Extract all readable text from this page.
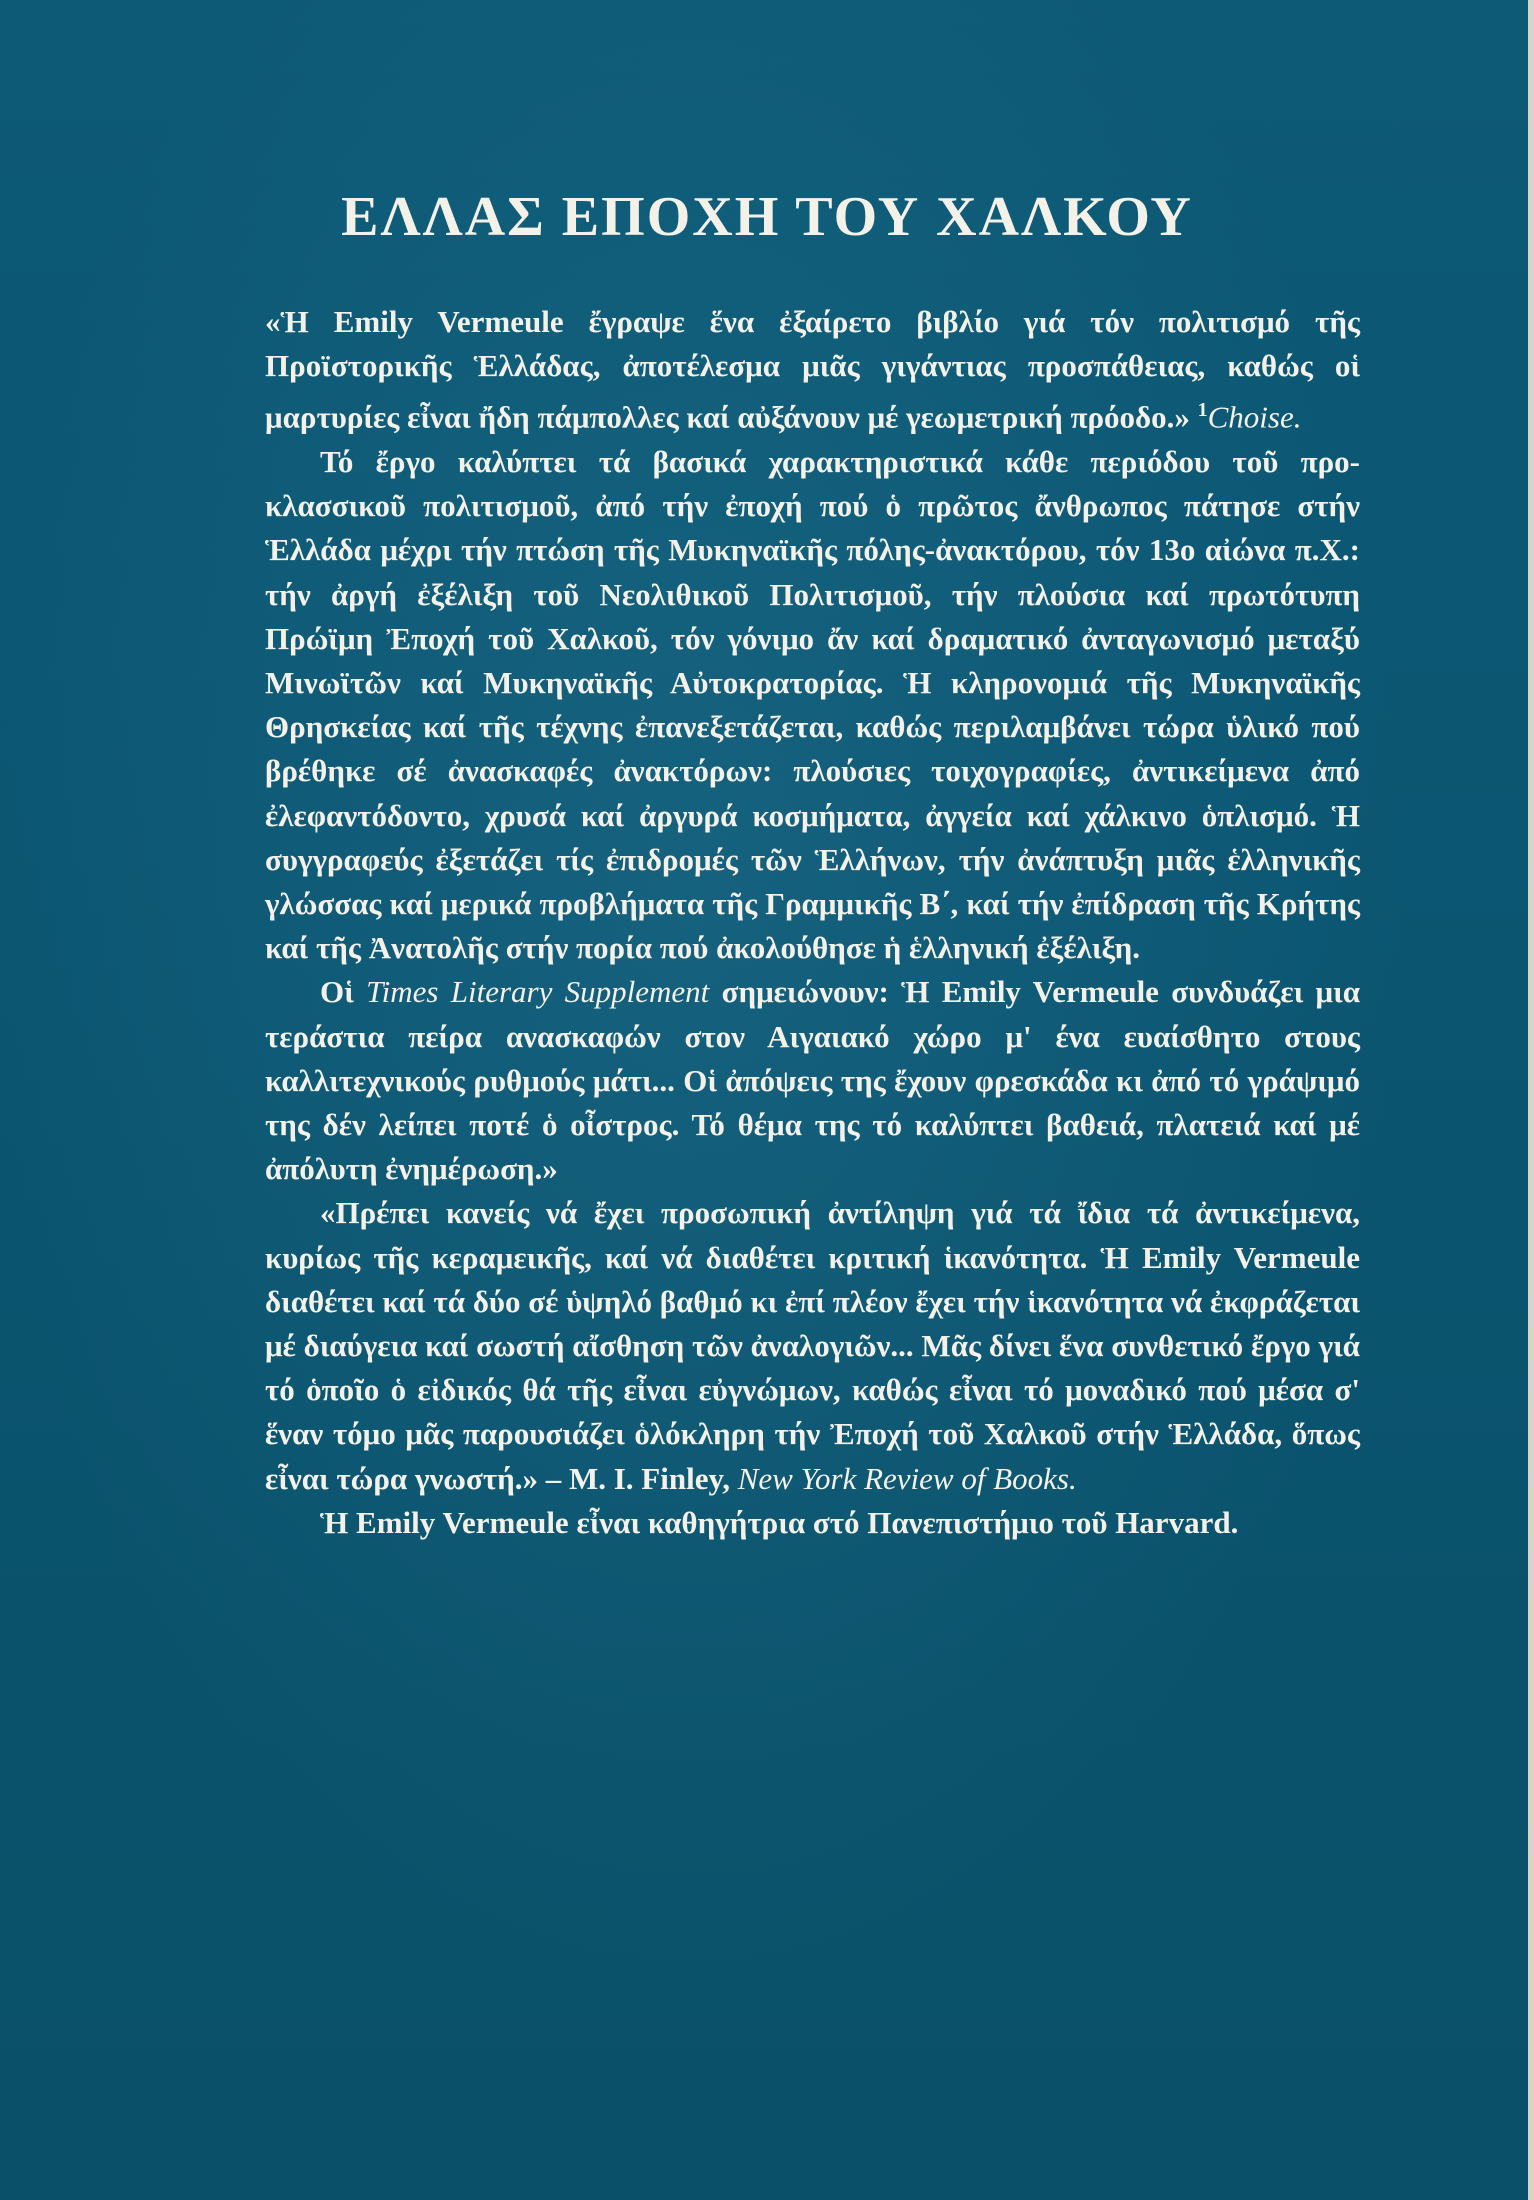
ΕΛΛΑΣ ΕΠΟΧΗ ΤΟΥ ΧΑΛΚΟΥ

«Ἡ Emily Vermeule ἔγραψε ἕνα ἐξαίρετο βιβλίο γιά τόν πολιτισμό τῆς Προϊστορικῆς Ἑλλάδας, ἀποτέλεσμα μιᾶς γιγάντιας προσπάθειας, καθώς οἱ μαρτυρίες εἶναι ἤδη πάμπολλες καί αὐξάνουν μέ γεωμετρική πρόοδο.» $^1$Choise.

Τό ἔργο καλύπτει τά βασικά χαρακτηριστικά κάθε περιόδου τοῦ προ-κλασσικοῦ πολιτισμοῦ, ἀπό τήν ἐποχή πού ὁ πρῶτος ἄνθρωπος πάτησε στήν Ἑλλάδα μέχρι τήν πτώση τῆς Μυκηναϊκῆς πόλης-ἀνακτόρου, τόν 13ο αἰώνα π.Χ.: τήν ἀργή ἐξέλιξη τοῦ Νεολιθικοῦ Πολιτισμοῦ, τήν πλούσια καί πρωτότυπη Πρώϊμη Ἐποχή τοῦ Χαλκοῦ, τόν γόνιμο ἄν καί δραματικό ἀνταγωνισμό μεταξύ Μινωϊτῶν καί Μυκηναϊκῆς Αὐτοκρατορίας. Ἡ κληρονομιά τῆς Μυκηναϊκῆς Θρησκείας καί τῆς τέχνης ἐπανεξετάζεται, καθώς περιλαμβάνει τώρα ὑλικό πού βρέθηκε σέ ἀνασκαφές ἀνακτόρων: πλούσιες τοιχογραφίες, ἀντικείμενα ἀπό ἐλεφαντόδοντο, χρυσά καί ἀργυρά κοσμήματα, ἀγγεία καί χάλκινο ὁπλισμό. Ἡ συγγραφεύς ἐξετάζει τίς ἐπιδρομές τῶν Ἑλλήνων, τήν ἀνάπτυξη μιᾶς ἑλληνικῆς γλώσσας καί μερικά προβλήματα τῆς Γραμμικῆς Β΄, καί τήν ἐπίδραση τῆς Κρήτης καί τῆς Ἀνατολῆς στήν πορία πού ἀκολούθησε ἡ ἑλληνική ἐξέλιξη.

Οἱ Times Literary Supplement σημειώνουν: Ἡ Emily Vermeule συνδυάζει μια τεράστια πείρα ανασκαφών στον Αιγαιακό χώρο μ' ένα ευαίσθητο στους καλλιτεχνικούς ρυθμούς μάτι... Οἱ ἀπόψεις της ἔχουν φρεσκάδα κι ἀπό τό γράψιμό της δέν λείπει ποτέ ὁ οἶστρος. Τό θέμα της τό καλύπτει βαθειά, πλατειά καί μέ ἀπόλυτη ἐνημέρωση.»

«Πρέπει κανείς νά ἔχει προσωπική ἀντίληψη γιά τά ἴδια τά ἀντικείμενα, κυρίως τῆς κεραμεικῆς, καί νά διαθέτει κριτική ἱκανότητα. Ἡ Emily Vermeule διαθέτει καί τά δύο σέ ὑψηλό βαθμό κι ἐπί πλέον ἔχει τήν ἱκανότητα νά ἐκφράζεται μέ διαύγεια καί σωστή αἴσθηση τῶν ἀναλογιῶν... Μᾶς δίνει ἕνα συνθετικό ἔργο γιά τό ὁποῖο ὁ εἰδικός θά τῆς εἶναι εὐγνώμων, καθώς εἶναι τό μοναδικό πού μέσα σ' ἕναν τόμο μᾶς παρουσιάζει ὁλόκληρη τήν Ἐποχή τοῦ Χαλκοῦ στήν Ἑλλάδα, ὅπως εἶναι τώρα γνωστή.» – M. I. Finley, New York Review of Books.

Ἡ Emily Vermeule εἶναι καθηγήτρια στό Πανεπιστήμιο τοῦ Harvard.
